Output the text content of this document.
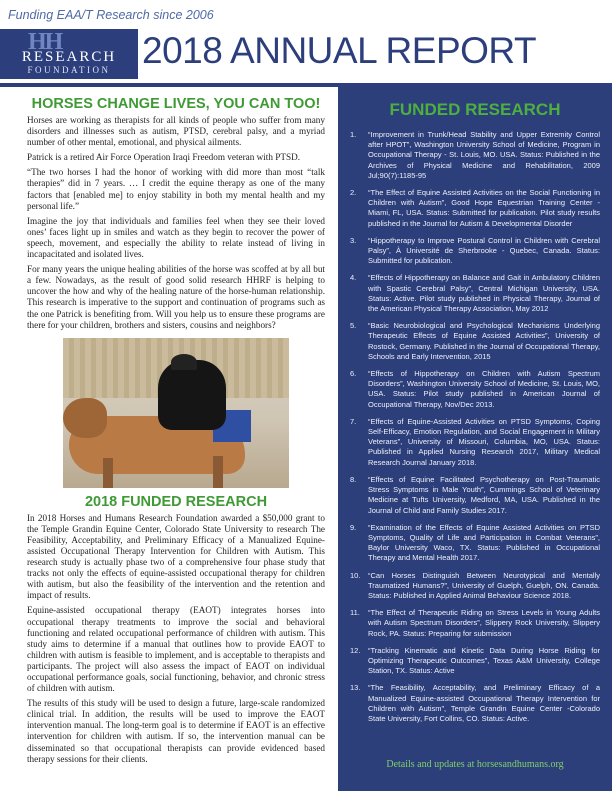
Funding EAA/T Research since 2006
HH
RESEARCH
FOUNDATION 2018 ANNUAL REPORT
HORSES CHANGE LIVES, YOU CAN TOO!

Horses are working as therapists for all kinds of people who suffer from many disorders and illnesses such as autism, PTSD, cerebral palsy, and a myriad number of other mental, emotional, and physical ailments.

Patrick is a retired Air Force Operation Iraqi Freedom veteran with PTSD.

“The two horses I had the honor of working with did more than most “talk therapies” did in 7 years. … I credit the equine therapy as one of the many factors that [enabled me] to enjoy stability in both my mental health and my personal life.”

Imagine the joy that individuals and families feel when they see their loved ones’ faces light up in smiles and watch as they begin to recover the power of speech, movement, and especially the ability to relate instead of living in incapacitated and isolated lives.

For many years the unique healing abilities of the horse was scoffed at by all but a few. Nowadays, as the result of good solid research HHRF is helping to uncover the how and why of the healing nature of the horse-human relationship. This research is imperative to the support and continuation of programs such as the one Patrick is benefiting from. Will you help us to ensure these programs are there for your children, brothers and sisters, cousins and neighbors?

2018 FUNDED RESEARCH

In 2018 Horses and Humans Research Foundation awarded a $50,000 grant to the Temple Grandin Equine Center, Colorado State University to research The Feasibility, Acceptability, and Preliminary Efficacy of a Manualized Equine-assisted Occupational Therapy Intervention for Children with Autism. This research study is actually phase two of a comprehensive four phase study that tracks not only the effects of equine-assisted occupational therapy for children with autism, but also the feasibility of the intervention and the retention and impact of results.

Equine-assisted occupational therapy (EAOT) integrates horses into occupational therapy treatments to improve the social and behavioral functioning and related occupational performance of children with autism. This study aims to determine if a manual that outlines how to provide EAOT to children with autism is feasible to implement, and is acceptable to therapists and participants. The project will also assess the impact of EAOT on individual occupational performance goals, social functioning, behavior, and chronic stress of children with autism.

The results of this study will be used to design a future, large-scale randomized clinical trial. In addition, the results will be used to improve the EAOT intervention manual. The long-term goal is to determine if EAOT is an effective intervention for children with autism. If so, the intervention manual can be disseminated so that occupational therapists can provide evidenced based therapy sessions for their clients.

FUNDED RESEARCH
1. “Improvement in Trunk/Head Stability and Upper Extremity Control after HPOT”, Washington University School of Medicine, Program in Occupational Therapy - St. Louis, MO. USA. Status: Published in the Archives of Physical Medicine and Rehabilitation, 2009 Jul;90(7):1185-95
2. “The Effect of Equine Assisted Activities on the Social Functioning in Children with Autism”, Good Hope Equestrian Training Center - Miami, FL, USA. Status: Submitted for publication. Pilot study results published in the Journal for Autism & Developmental Disorder
3. “Hippotherapy to Improve Postural Control in Children with Cerebral Palsy”, À Université de Sherbrooke - Quebec, Canada. Status: Submitted for publication.
4. “Effects of Hippotherapy on Balance and Gait in Ambulatory Children with Spastic Cerebral Palsy”, Central Michigan University, USA. Status: Active. Pilot study published in Physical Therapy, Journal of the American Physical Therapy Association, May 2012
5. “Basic Neurobiological and Psychological Mechanisms Underlying Therapeutic Effects of Equine Assisted Activities”, University of Rostock, Germany. Published in the Journal of Occupational Therapy, Schools and Early Intervention, 2015
6. “Effects of Hippotherapy on Children with Autism Spectrum Disorders”, Washington University School of Medicine, St. Louis, MO, USA. Status: Pilot study published in American Journal of Occupational Therapy, Nov/Dec 2013.
7. “Effects of Equine-Assisted Activities on PTSD Symptoms, Coping Self-Efficacy, Emotion Regulation, and Social Engagement in Military Veterans”, University of Missouri, Columbia, MO, USA. Status: Published in Applied Nursing Research 2017, Military Medical Research Journal January 2018.
8. “Effects of Equine Facilitated Psychotherapy on Post-Traumatic Stress Symptoms in Male Youth”, Cummings School of Veterinary Medicine at Tufts University, Medford, MA, USA. Published in the Journal of Child and Family Studies 2017.
9. “Examination of the Effects of Equine Assisted Activities on PTSD Symptoms, Quality of Life and Participation in Combat Veterans”, Baylor University Waco, TX. Status: Published in Occupational Therapy and Mental Health 2017.
10. “Can Horses Distinguish Between Neurotypical and Mentally Traumatized Humans?”, University of Guelph, Guelph, ON. Canada. Status: Published in Applied Animal Behaviour Science 2018.
11. “The Effect of Therapeutic Riding on Stress Levels in Young Adults with Autism Spectrum Disorders”, Slippery Rock University, Slippery Rock, PA. Status: Preparing for submission
12. “Tracking Kinematic and Kinetic Data During Horse Riding for Optimizing Therapeutic Outcomes”, Texas A&M University, College Station, TX. Status: Active
13. “The Feasibility, Acceptability, and Preliminary Efficacy of a Manualized Equine-assisted Occupational Therapy Intervention for Children with Autism”, Temple Grandin Equine Center -Colorado State University, Fort Collins, CO. Status: Active.
Details and updates at horsesandhumans.org
